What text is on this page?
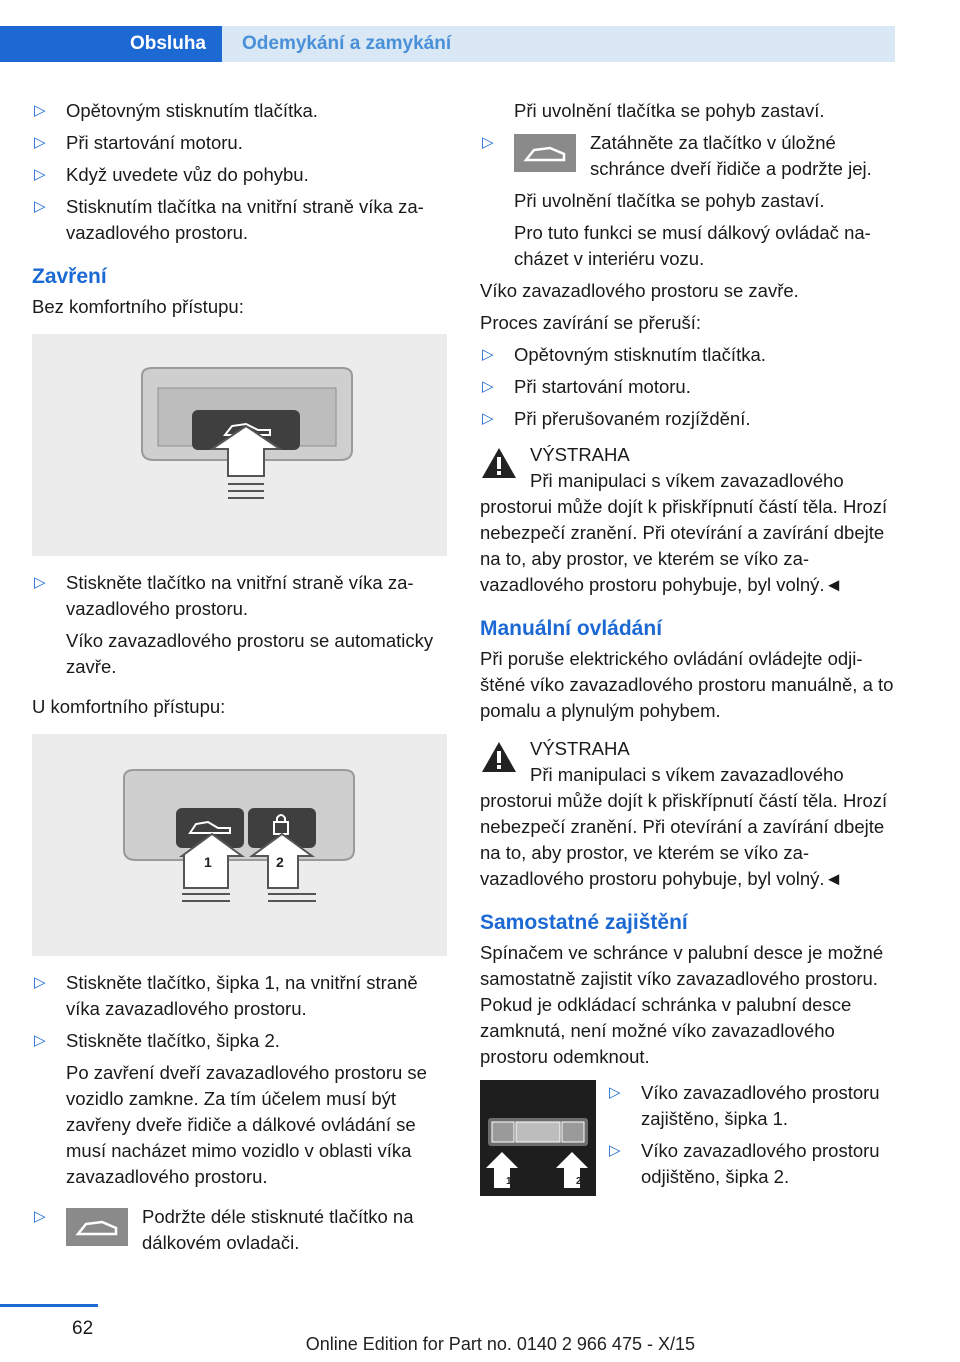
Obsluha Odemykání a zamykání
▷ Opětovným stisknutím tlačítka.
▷ Při startování motoru.
▷ Když uvedete vůz do pohybu.
▷ Stisknutím tlačítka na vnitřní straně víka zavazadlového prostoru.
Zavření

Bez komfortního přístupu:

▷ Stiskněte tlačítko na vnitřní straně víka zavazadlového prostoru.
Víko zavazadlového prostoru se automaticky zavře.

U komfortního přístupu:

1	2
▷ Stiskněte tlačítko, šipka 1, na vnitřní straně víka zavazadlového prostoru.
▷ Stiskněte tlačítko, šipka 2.
Po zavření dveří zavazadlového prostoru se vozidlo zamkne. Za tím účelem musí být zavřeny dveře řidiče a dálkové ovládání se musí nacházet mimo vozidlo v oblasti víka zavazadlového prostoru.
▷	Podržte déle stisknuté tlačítko na dálkovém ovladači.
Při uvolnění tlačítka se pohyb zastaví.
▷	Zatáhněte za tlačítko v úložné schránce dveří řidiče a podržte jej.
Při uvolnění tlačítka se pohyb zastaví.
Pro tuto funkci se musí dálkový ovládač nacházet v interiéru vozu.

Víko zavazadlového prostoru se zavře.

Proces zavírání se přeruší:

▷ Opětovným stisknutím tlačítka.
▷ Při startování motoru.
▷ Při přerušovaném rozjíždění.
VÝSTRAHA
Při manipulaci s víkem zavazadlového
prostorui může dojít k přiskřípnutí částí těla. Hrozí nebezpečí zranění. Při otevírání a zavírání dbejte na to, aby prostor, ve kterém se víko zavazadlového prostoru pohybuje, byl volný.◄
Manuální ovládání

Při poruše elektrického ovládání ovládejte odjištěné víko zavazadlového prostoru manuálně, a to pomalu a plynulým pohybem.

VÝSTRAHA
Při manipulaci s víkem zavazadlového
prostorui může dojít k přiskřípnutí částí těla. Hrozí nebezpečí zranění. Při otevírání a zavírání dbejte na to, aby prostor, ve kterém se víko zavazadlového prostoru pohybuje, byl volný.◄
Samostatné zajištění

Spínačem ve schránce v palubní desce je možné samostatně zajistit víko zavazadlového prostoru. Pokud je odkládací schránka v palubní desce zamknutá, není možné víko zavazadlového prostoru odemknout.

1	2
▷ Víko zavazadlového prostoru zajištěno, šipka 1.
▷ Víko zavazadlového prostoru odjištěno, šipka 2.
62
Online Edition for Part no. 0140 2 966 475 - X/15
